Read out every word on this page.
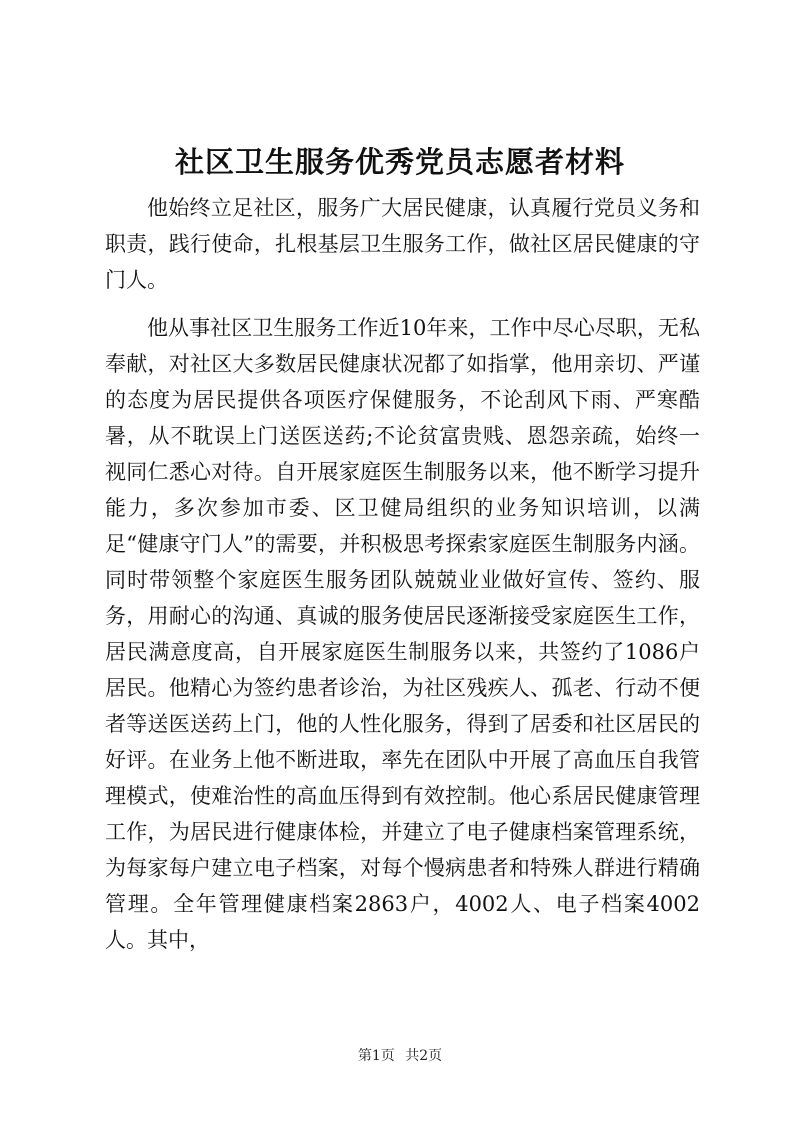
社区卫生服务优秀党员志愿者材料

他始终立足社区，服务广大居民健康，认真履行党员义务和职责，践行使命，扎根基层卫生服务工作，做社区居民健康的守门人。

他从事社区卫生服务工作近10年来，工作中尽心尽职，无私奉献，对社区大多数居民健康状况都了如指掌，他用亲切、严谨的态度为居民提供各项医疗保健服务，不论刮风下雨、严寒酷暑，从不耽误上门送医送药;不论贫富贵贱、恩怨亲疏，始终一视同仁悉心对待。自开展家庭医生制服务以来，他不断学习提升能力，多次参加市委、区卫健局组织的业务知识培训，以满足“健康守门人”的需要，并积极思考探索家庭医生制服务内涵。同时带领整个家庭医生服务团队兢兢业业做好宣传、签约、服务，用耐心的沟通、真诚的服务使居民逐渐接受家庭医生工作，居民满意度高，自开展家庭医生制服务以来，共签约了1086户居民。他精心为签约患者诊治，为社区残疾人、孤老、行动不便者等送医送药上门，他的人性化服务，得到了居委和社区居民的好评。在业务上他不断进取，率先在团队中开展了高血压自我管理模式，使难治性的高血压得到有效控制。他心系居民健康管理工作，为居民进行健康体检，并建立了电子健康档案管理系统，为每家每户建立电子档案，对每个慢病患者和特殊人群进行精确管理。全年管理健康档案2863户，4002人、电子档案4002人。其中，

第1页 共2页
